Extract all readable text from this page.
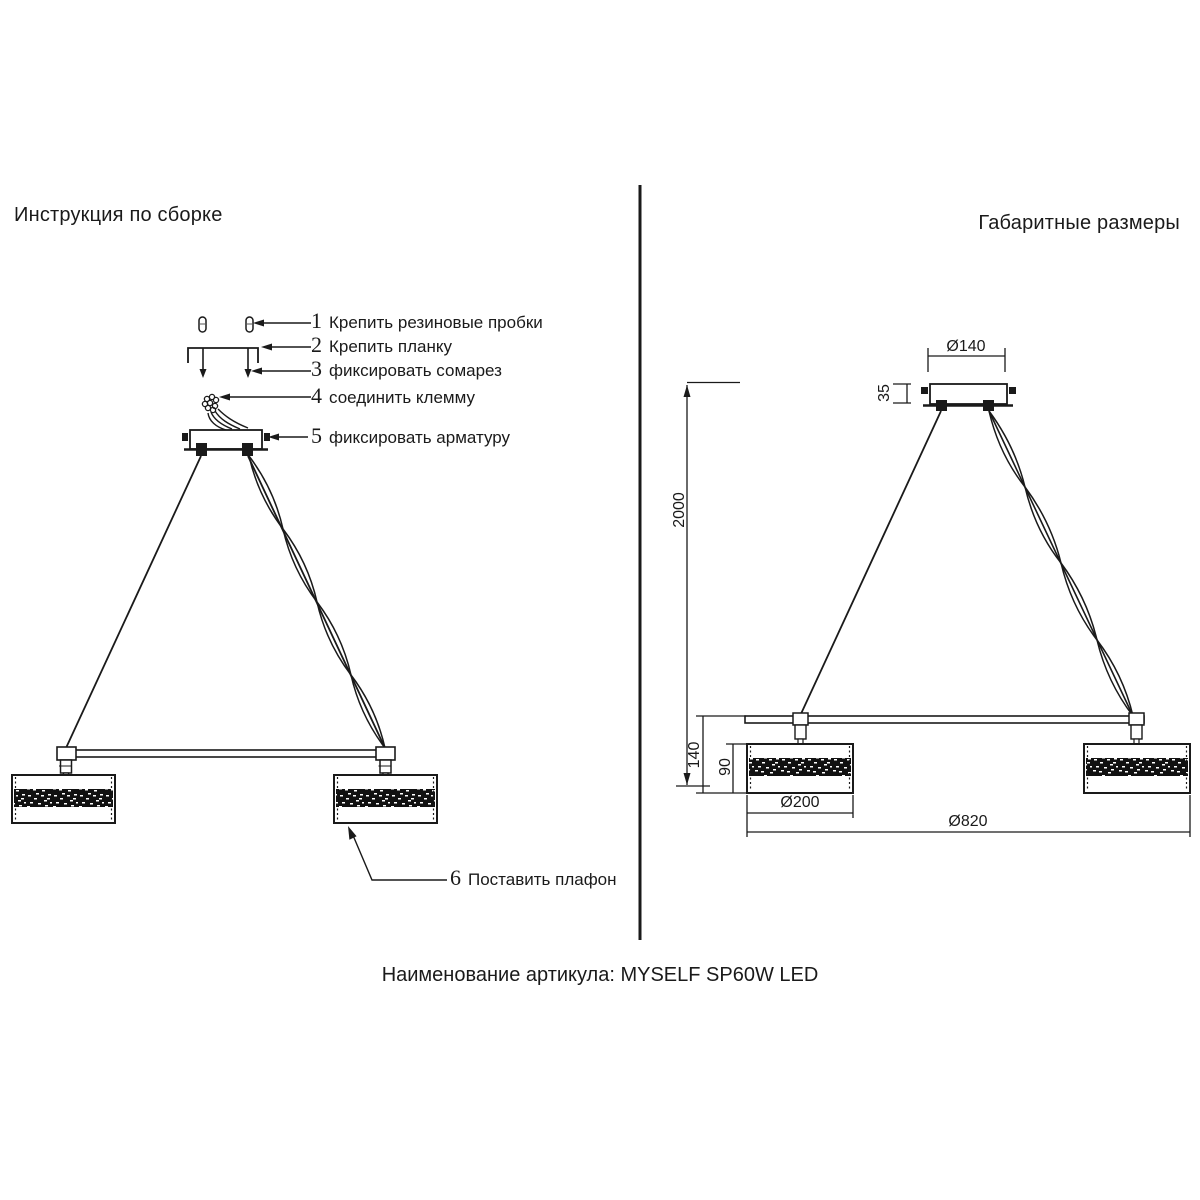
Инструкция по сборке	Габаритные размеры
1 Крепить резиновые пробки
2 Крепить планку
3 фиксировать сомарез
4 соединить клемму
5 фиксировать арматуру
6 Поставить плафон
Ø140
35
2000
140 90
Ø200
Ø820
Наименование артикула: MYSELF SP60W LED
